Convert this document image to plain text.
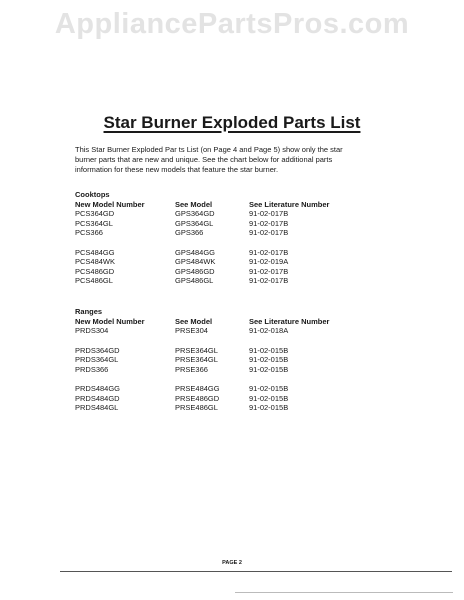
AppliancePartsPros.com
Star Burner Exploded Parts List
This Star Burner Exploded Par ts List (on Page 4 and Page 5) show only the star
burner parts that are new and unique. See the chart below for additional parts
information for these new models that feature the star burner.
Cooktops
New Model Number	See Model	See Literature Number
PCS364GD	GPS364GD	91-02-017B
PCS364GL	GPS364GL	91-02-017B
PCS366	GPS366	91-02-017B
PCS484GG	GPS484GG	91-02-017B
PCS484WK	GPS484WK	91-02-019A
PCS486GD	GPS486GD	91-02-017B
PCS486GL	GPS486GL	91-02-017B
Ranges
New Model Number	See Model	See Literature Number
PRDS304	PRSE304	91-02-018A
PRDS364GD	PRSE364GL	91-02-015B
PRDS364GL	PRSE364GL	91-02-015B
PRDS366	PRSE366	91-02-015B
PRDS484GG	PRSE484GG	91-02-015B
PRDS484GD	PRSE486GD	91-02-015B
PRDS484GL	PRSE486GL	91-02-015B
PAGE 2
